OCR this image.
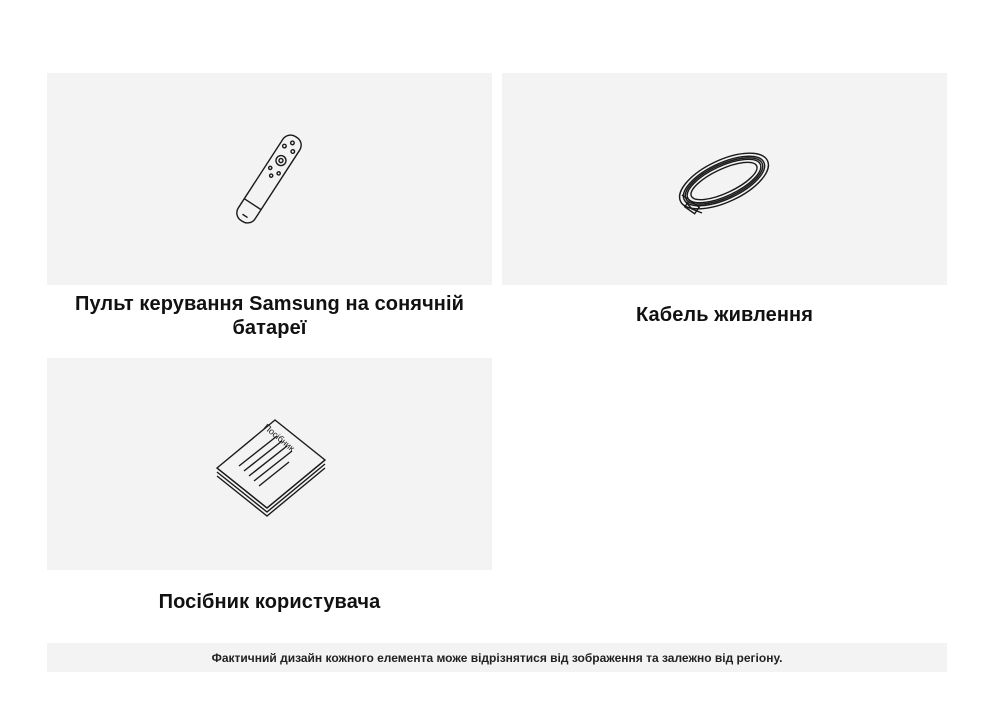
Пульт керування Samsung на сонячній батареї
Кабель живлення
Посібник
Посібник користувача
Фактичний дизайн кожного елемента може відрізнятися від зображення та залежно від регіону.
